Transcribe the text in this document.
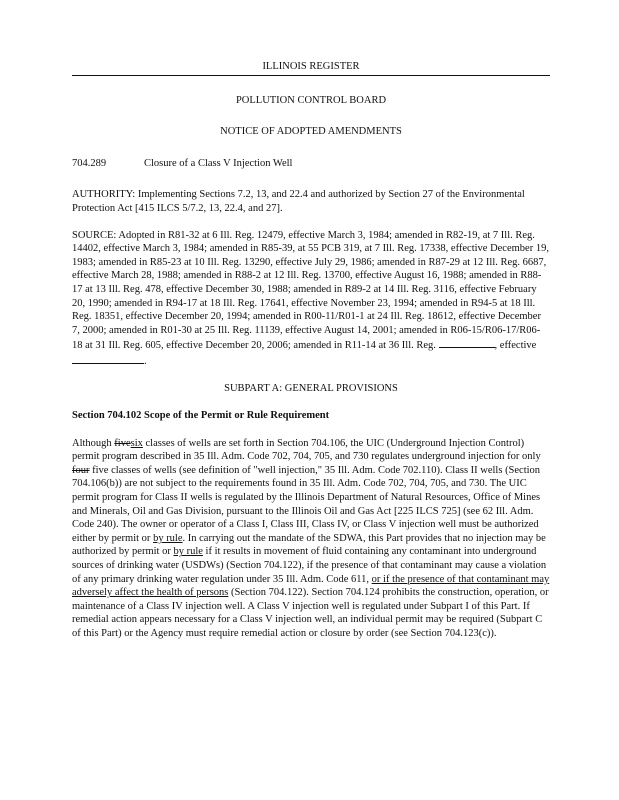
ILLINOIS REGISTER
POLLUTION CONTROL BOARD
NOTICE OF ADOPTED AMENDMENTS
704.289	Closure of a Class V Injection Well

AUTHORITY: Implementing Sections 7.2, 13, and 22.4 and authorized by Section 27 of the Environmental Protection Act [415 ILCS 5/7.2, 13, 22.4, and 27].

SOURCE: Adopted in R81-32 at 6 Ill. Reg. 12479, effective March 3, 1984; amended in R82-19, at 7 Ill. Reg. 14402, effective March 3, 1984; amended in R85-39, at 55 PCB 319, at 7 Ill. Reg. 17338, effective December 19, 1983; amended in R85-23 at 10 Ill. Reg. 13290, effective July 29, 1986; amended in R87-29 at 12 Ill. Reg. 6687, effective March 28, 1988; amended in R88-2 at 12 Ill. Reg. 13700, effective August 16, 1988; amended in R88-17 at 13 Ill. Reg. 478, effective December 30, 1988; amended in R89-2 at 14 Ill. Reg. 3116, effective February 20, 1990; amended in R94-17 at 18 Ill. Reg. 17641, effective November 23, 1994; amended in R94-5 at 18 Ill. Reg. 18351, effective December 20, 1994; amended in R00-11/R01-1 at 24 Ill. Reg. 18612, effective December 7, 2000; amended in R01-30 at 25 Ill. Reg. 11139, effective August 14, 2001; amended in R06-15/R06-17/R06-18 at 31 Ill. Reg. 605, effective December 20, 2006; amended in R11-14 at 36 Ill. Reg.	, effective .

SUBPART A: GENERAL PROVISIONS
Section 704.102 Scope of the Permit or Rule Requirement

Although fivesix classes of wells are set forth in Section 704.106, the UIC (Underground Injection Control) permit program described in 35 Ill. Adm. Code 702, 704, 705, and 730 regulates underground injection for only four five classes of wells (see definition of "well injection," 35 Ill. Adm. Code 702.110). Class II wells (Section 704.106(b)) are not subject to the requirements found in 35 Ill. Adm. Code 702, 704, 705, and 730. The UIC permit program for Class II wells is regulated by the Illinois Department of Natural Resources, Office of Mines and Minerals, Oil and Gas Division, pursuant to the Illinois Oil and Gas Act [225 ILCS 725] (see 62 Ill. Adm. Code 240). The owner or operator of a Class I, Class III, Class IV, or Class V injection well must be authorized either by permit or by rule. In carrying out the mandate of the SDWA, this Part provides that no injection may be authorized by permit or by rule if it results in movement of fluid containing any contaminant into underground sources of drinking water (USDWs) (Section 704.122), if the presence of that contaminant may cause a violation of any primary drinking water regulation under 35 Ill. Adm. Code 611, or if the presence of that contaminant may adversely affect the health of persons (Section 704.122). Section 704.124 prohibits the construction, operation, or maintenance of a Class IV injection well. A Class V injection well is regulated under Subpart I of this Part. If remedial action appears necessary for a Class V injection well, an individual permit may be required (Subpart C of this Part) or the Agency must require remedial action or closure by order (see Section 704.123(c)).
